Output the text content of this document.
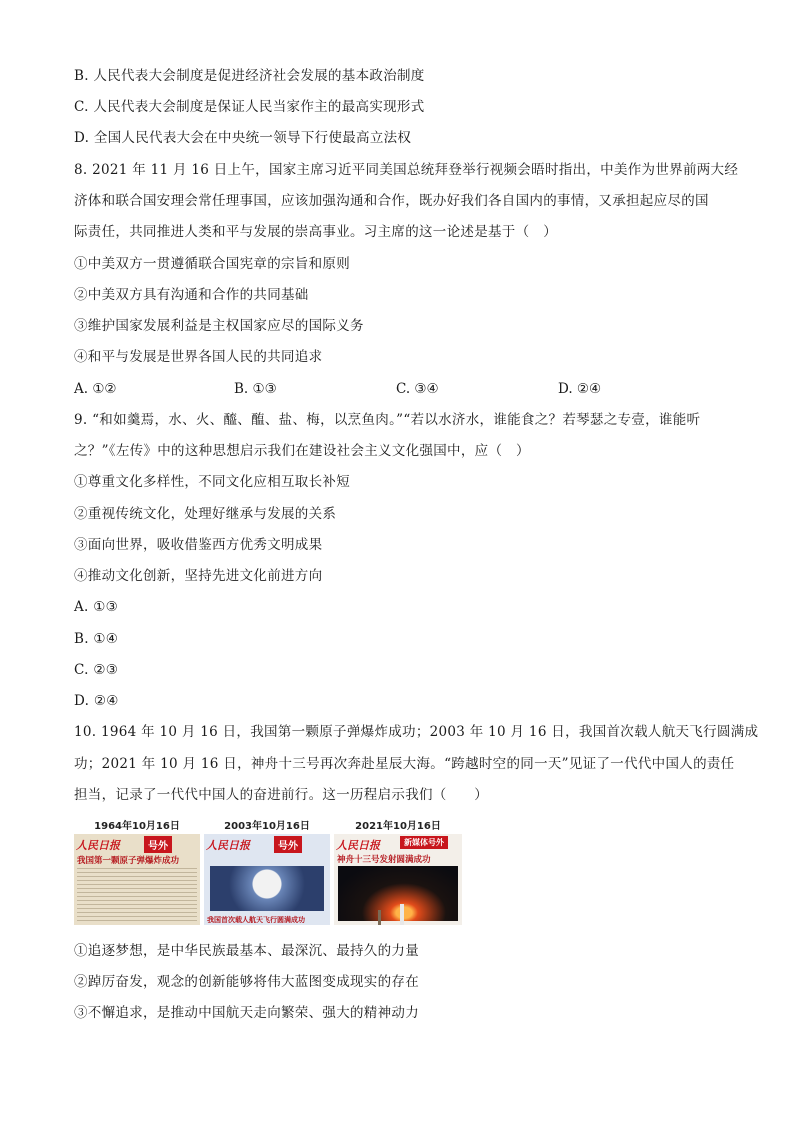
B. 人民代表大会制度是促进经济社会发展的基本政治制度
C. 人民代表大会制度是保证人民当家作主的最高实现形式
D. 全国人民代表大会在中央统一领导下行使最高立法权
8. 2021 年 11 月 16 日上午，国家主席习近平同美国总统拜登举行视频会晤时指出，中美作为世界前两大经
济体和联合国安理会常任理事国，应该加强沟通和合作，既办好我们各自国内的事情，又承担起应尽的国
际责任，共同推进人类和平与发展的崇高事业。习主席的这一论述是基于（　）
①中美双方一贯遵循联合国宪章的宗旨和原则
②中美双方具有沟通和合作的共同基础
③维护国家发展利益是主权国家应尽的国际义务
④和平与发展是世界各国人民的共同追求
A. ①②	B. ①③	C. ③④	D. ②④
9. “和如羹焉，水、火、醯、醢、盐、梅，以烹鱼肉。”“若以水济水，谁能食之？若琴瑟之专壹，谁能听
之？”《左传》中的这种思想启示我们在建设社会主义文化强国中，应（　）
①尊重文化多样性，不同文化应相互取长补短
②重视传统文化，处理好继承与发展的关系
③面向世界，吸收借鉴西方优秀文明成果
④推动文化创新，坚持先进文化前进方向
A. ①③
B. ①④
C. ②③
D. ②④
10. 1964 年 10 月 16 日，我国第一颗原子弹爆炸成功；2003 年 10 月 16 日，我国首次载人航天飞行圆满成
功；2021 年 10 月 16 日，神舟十三号再次奔赴星辰大海。“跨越时空的同一天”见证了一代代中国人的责任
担当，记录了一代代中国人的奋进前行。这一历程启示我们（　　）
1964年10月16日
人民日报	号外
我国第一颗原子弹爆炸成功
2003年10月16日
人民日报	号外
我国首次载人航天飞行圆满成功
2021年10月16日
人民日报	新媒体号外
神舟十三号发射圆满成功
①追逐梦想，是中华民族最基本、最深沉、最持久的力量
②踔厉奋发，观念的创新能够将伟大蓝图变成现实的存在
③不懈追求，是推动中国航天走向繁荣、强大的精神动力
